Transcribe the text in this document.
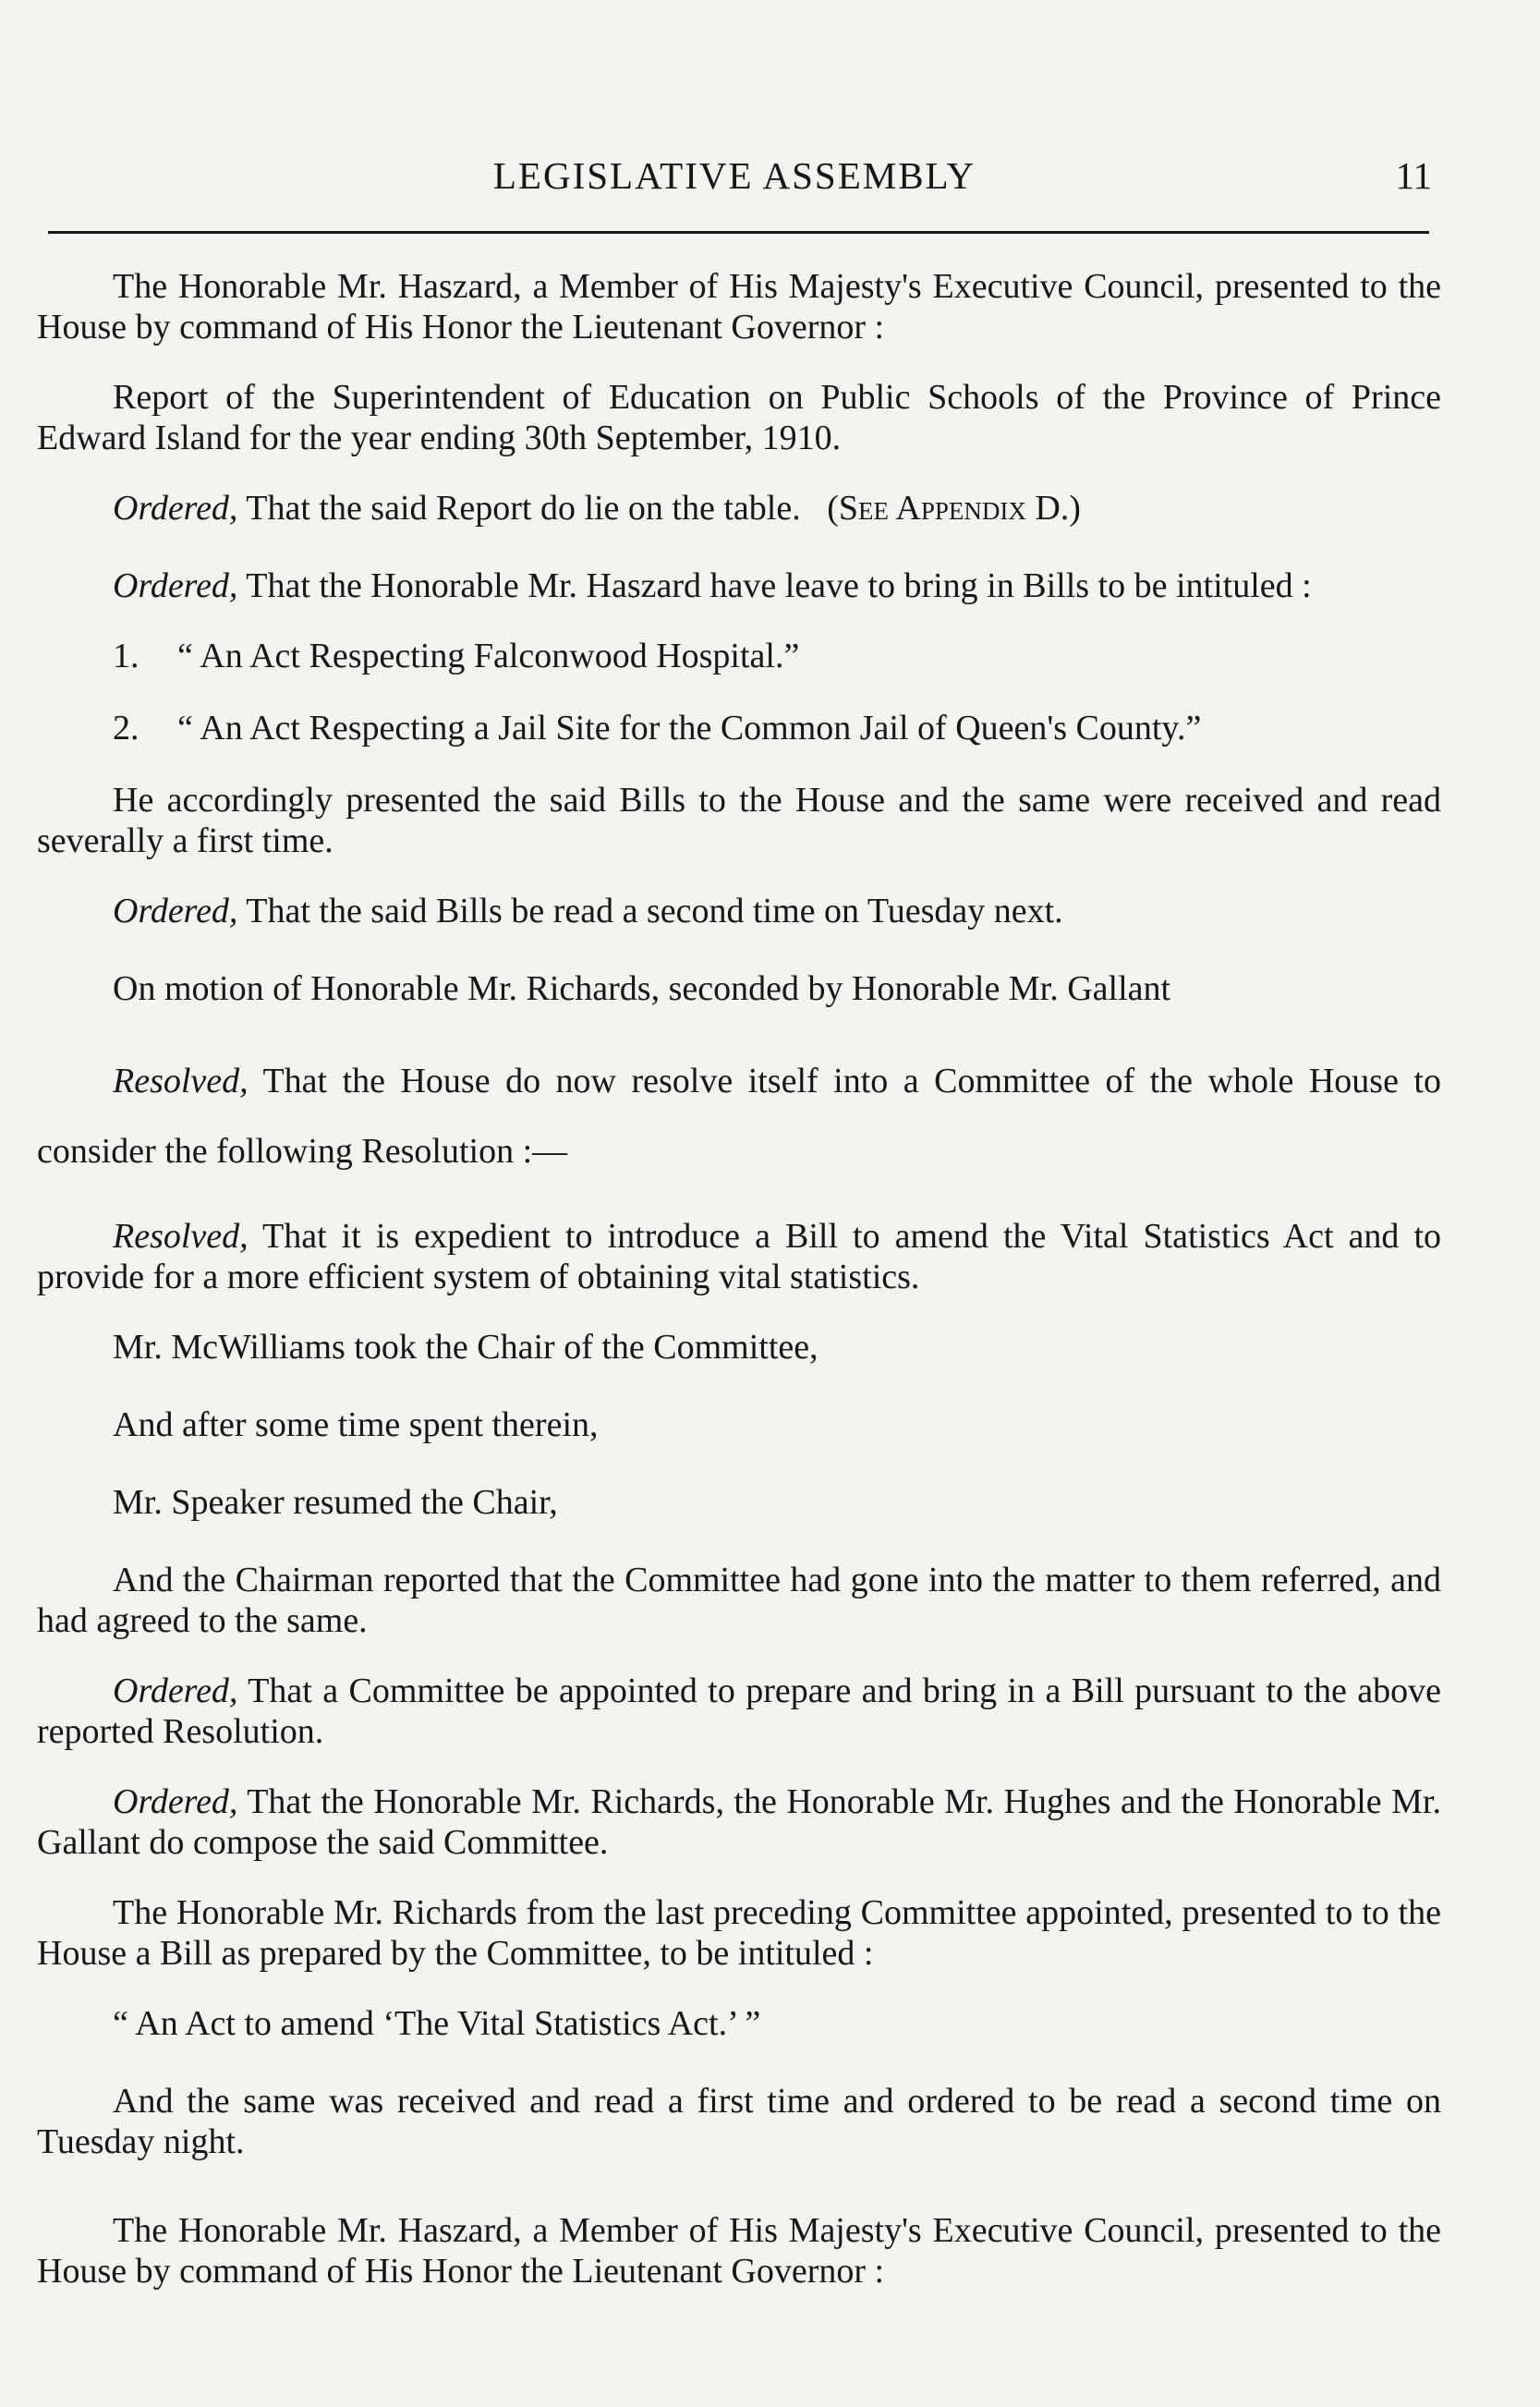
LEGISLATIVE ASSEMBLY	11

The Honorable Mr. Haszard, a Member of His Majesty's Executive Council, presented to the House by command of His Honor the Lieutenant Governor :

Report of the Superintendent of Education on Public Schools of the Province of Prince Edward Island for the year ending 30th September, 1910.

Ordered, That the said Report do lie on the table. (See Appendix D.)

Ordered, That the Honorable Mr. Haszard have leave to bring in Bills to be intituled :

1. “ An Act Respecting Falconwood Hospital.”

2. “ An Act Respecting a Jail Site for the Common Jail of Queen's County.”

He accordingly presented the said Bills to the House and the same were received and read severally a first time.

Ordered, That the said Bills be read a second time on Tuesday next.

On motion of Honorable Mr. Richards, seconded by Honorable Mr. Gallant

Resolved, That the House do now resolve itself into a Committee of the whole House to consider the following Resolution :—

Resolved, That it is expedient to introduce a Bill to amend the Vital Statistics Act and to provide for a more efficient system of obtaining vital statistics.

Mr. McWilliams took the Chair of the Committee,

And after some time spent therein,

Mr. Speaker resumed the Chair,

And the Chairman reported that the Committee had gone into the matter to them referred, and had agreed to the same.

Ordered, That a Committee be appointed to prepare and bring in a Bill pursuant to the above reported Resolution.

Ordered, That the Honorable Mr. Richards, the Honorable Mr. Hughes and the Honorable Mr. Gallant do compose the said Committee.

The Honorable Mr. Richards from the last preceding Committee appointed, presented to to the House a Bill as prepared by the Committee, to be intituled :

“ An Act to amend ‘The Vital Statistics Act.’ ”

And the same was received and read a first time and ordered to be read a second time on Tuesday night.

The Honorable Mr. Haszard, a Member of His Majesty's Executive Council, presented to the House by command of His Honor the Lieutenant Governor :
